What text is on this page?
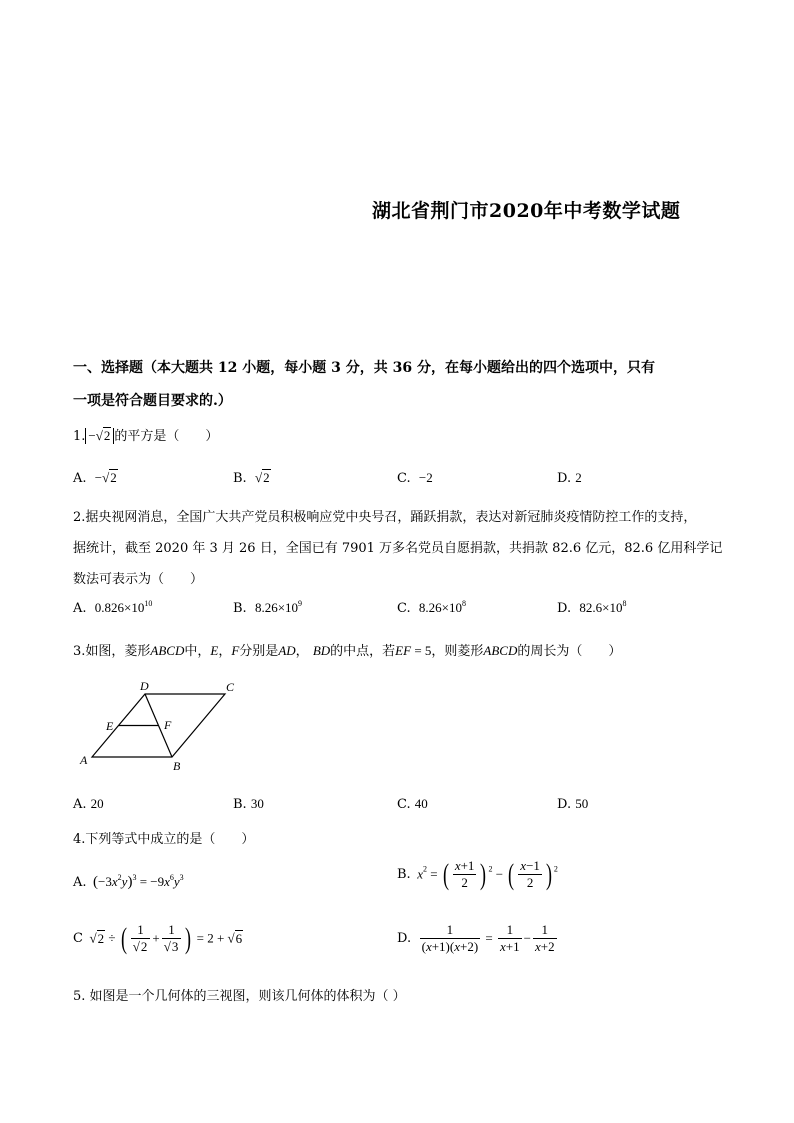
湖北省荆门市2020年中考数学试题
一、选择题（本大题共 12 小题，每小题 3 分，共 36 分，在每小题给出的四个选项中，只有
一项是符合题目要求的.）
1. −√2 的平方是（　　）
A. −√2	B. √2	C. −2	D. 2
2.据央视网消息，全国广大共产党员积极响应党中央号召，踊跃捐款，表达对新冠肺炎疫情防控工作的支持，
据统计，截至 2020 年 3 月 26 日，全国已有 7901 万多名党员自愿捐款，共捐款 82.6 亿元，82.6 亿用科学记
数法可表示为（　　）
A. $0.826\times 10^{10}$	B. $8.26\times 10^9$	C. $8.26\times 10^8$	D. $82.6\times 10^8$
3.如图，菱形ABCD中，E，F分别是AD， BD的中点，若EF = 5，则菱形ABCD的周长为（　　）
A	B
C
D
E	F
A. 20	B. 30	C. 40	D. 50
4.下列等式中成立的是（　　）
A. $(-3x^2y)^3 = -9x^6y^3$	B. $x^2$ = ( $\frac{x+1}{2}$ ) $^2$ − ( $\frac{x-1}{2}$ ) $^2$
C √2 ÷ ( $\frac{1}{√2} + \frac{1}{√3}$ ) = 2 + √6	D. $\frac{1}{(x+1)(x+2)} = \frac{1}{x+1} - \frac{1}{x+2}$
5. 如图是一个几何体的三视图，则该几何体的体积为（ ）
